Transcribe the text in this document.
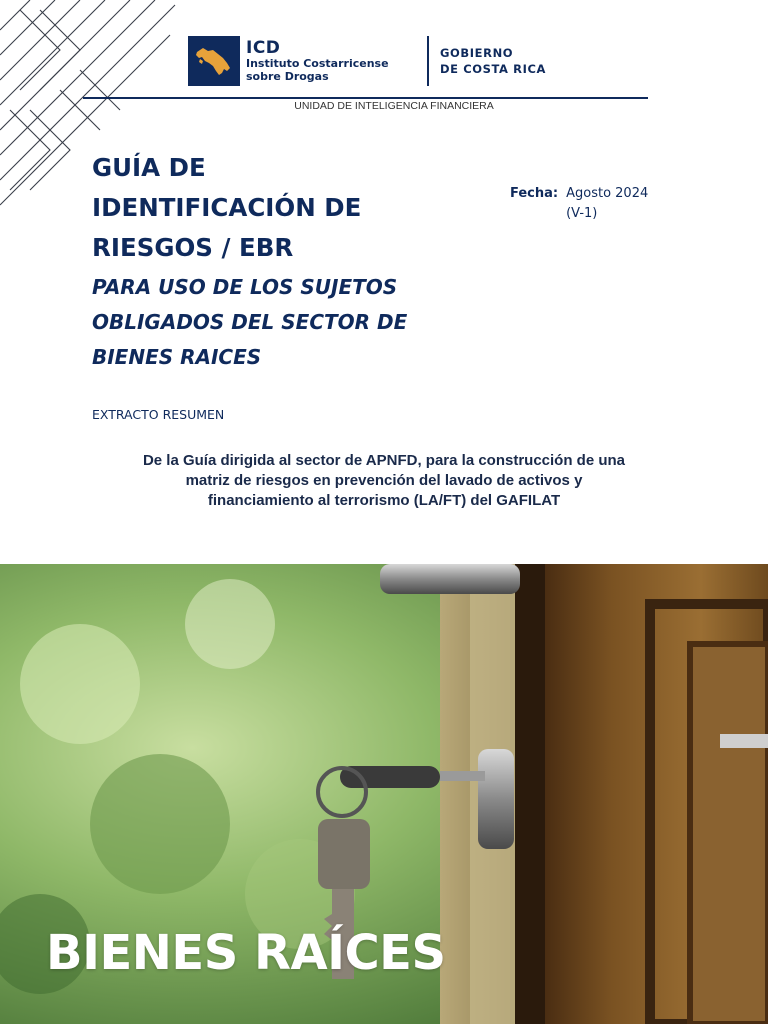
ICD
Instituto Costarricense
sobre Drogas
GOBIERNO
DE COSTA RICA
UNIDAD DE INTELIGENCIA FINANCIERA
GUÍA DE
IDENTIFICACIÓN DE
RIESGOS / EBR
PARA USO DE LOS SUJETOS
OBLIGADOS DEL SECTOR DE
BIENES RAICES
Fecha: Agosto 2024
(V-1)
EXTRACTO RESUMEN
De la Guía dirigida al sector de APNFD, para la construcción de una
matriz de riesgos en prevención del lavado de activos y
financiamiento al terrorismo (LA/FT) del GAFILAT
BIENES RAÍCES
